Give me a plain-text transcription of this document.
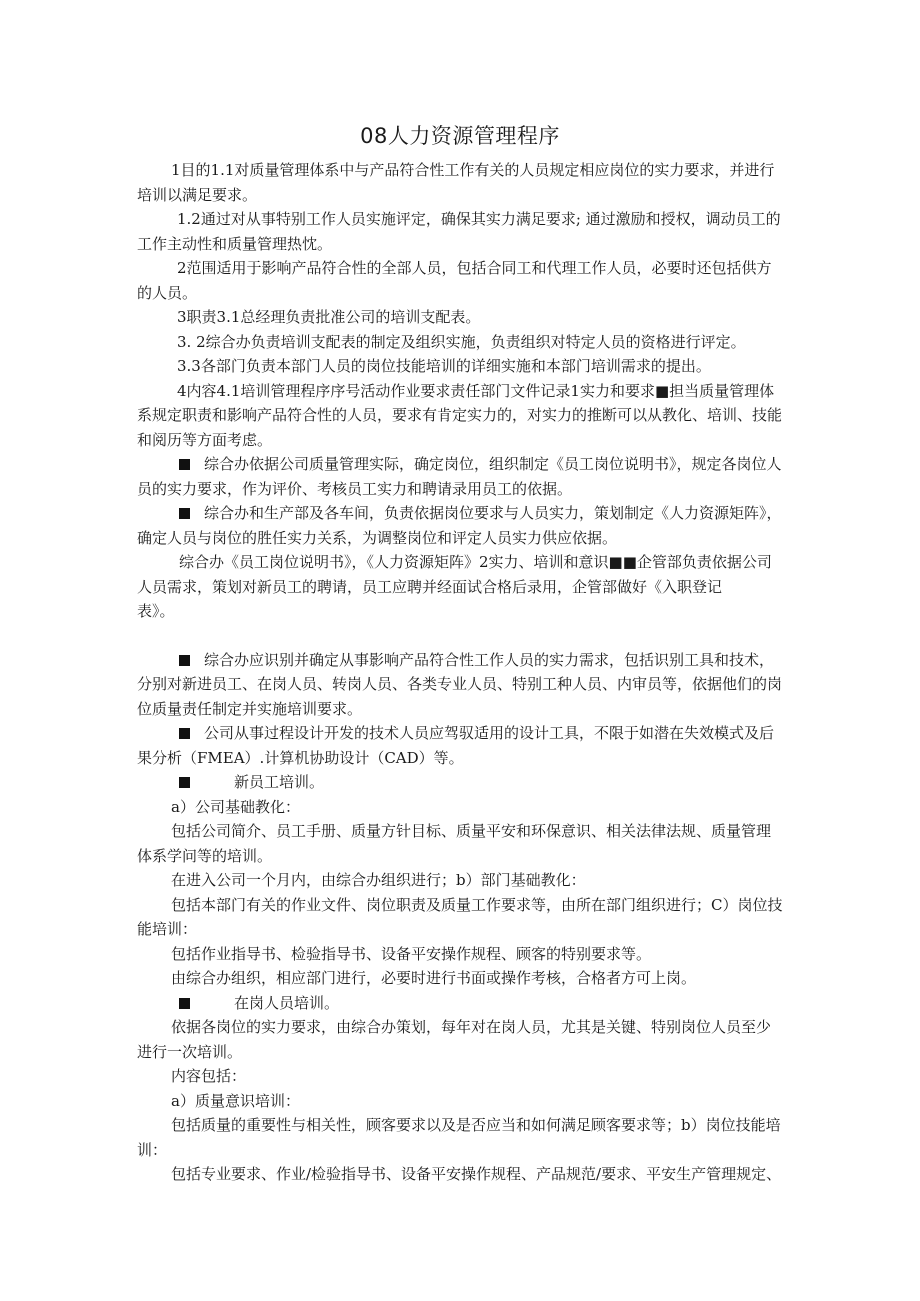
08人力资源管理程序

1目的1.1对质量管理体系中与产品符合性工作有关的人员规定相应岗位的实力要求，并进行培训以满足要求。

1.2通过对从事特别工作人员实施评定，确保其实力满足要求; 通过激励和授权，调动员工的工作主动性和质量管理热忱。

2范围适用于影响产品符合性的全部人员，包括合同工和代理工作人员，必要时还包括供方的人员。

3职责3.1总经理负责批准公司的培训支配表。

3. 2综合办负责培训支配表的制定及组织实施，负责组织对特定人员的资格进行评定。

3.3各部门负责本部门人员的岗位技能培训的详细实施和本部门培训需求的提出。

4内容4.1培训管理程序序号活动作业要求责任部门文件记录1实力和要求■担当质量管理体系规定职责和影响产品符合性的人员，要求有肯定实力的，对实力的推断可以从教化、培训、技能和阅历等方面考虑。

综合办依据公司质量管理实际，确定岗位，组织制定《员工岗位说明书》，规定各岗位人员的实力要求，作为评价、考核员工实力和聘请录用员工的依据。

综合办和生产部及各车间，负责依据岗位要求与人员实力，策划制定《人力资源矩阵》，确定人员与岗位的胜任实力关系，为调整岗位和评定人员实力供应依据。

综合办《员工岗位说明书》，《人力资源矩阵》2实力、培训和意识■■企管部负责依据公司人员需求，策划对新员工的聘请，员工应聘并经面试合格后录用，企管部做好《入职登记

表》。

综合办应识别并确定从事影响产品符合性工作人员的实力需求，包括识别工具和技术，分别对新进员工、在岗人员、转岗人员、各类专业人员、特别工种人员、内审员等，依据他们的岗位质量责任制定并实施培训要求。

公司从事过程设计开发的技术人员应驾驭适用的设计工具，不限于如潜在失效模式及后果分析（FMEA）.计算机协助设计（CAD）等。

新员工培训。

a）公司基础教化：

包括公司简介、员工手册、质量方针目标、质量平安和环保意识、相关法律法规、质量管理体系学问等的培训。

在进入公司一个月内，由综合办组织进行；b）部门基础教化：

包括本部门有关的作业文件、岗位职责及质量工作要求等，由所在部门组织进行；C）岗位技能培训：

包括作业指导书、检验指导书、设备平安操作规程、顾客的特别要求等。

由综合办组织，相应部门进行，必要时进行书面或操作考核，合格者方可上岗。

在岗人员培训。

依据各岗位的实力要求，由综合办策划，每年对在岗人员，尤其是关键、特别岗位人员至少进行一次培训。

内容包括：

a）质量意识培训：

包括质量的重要性与相关性，顾客要求以及是否应当和如何满足顾客要求等；b）岗位技能培训：

包括专业要求、作业/检验指导书、设备平安操作规程、产品规范/要求、平安生产管理规定、
